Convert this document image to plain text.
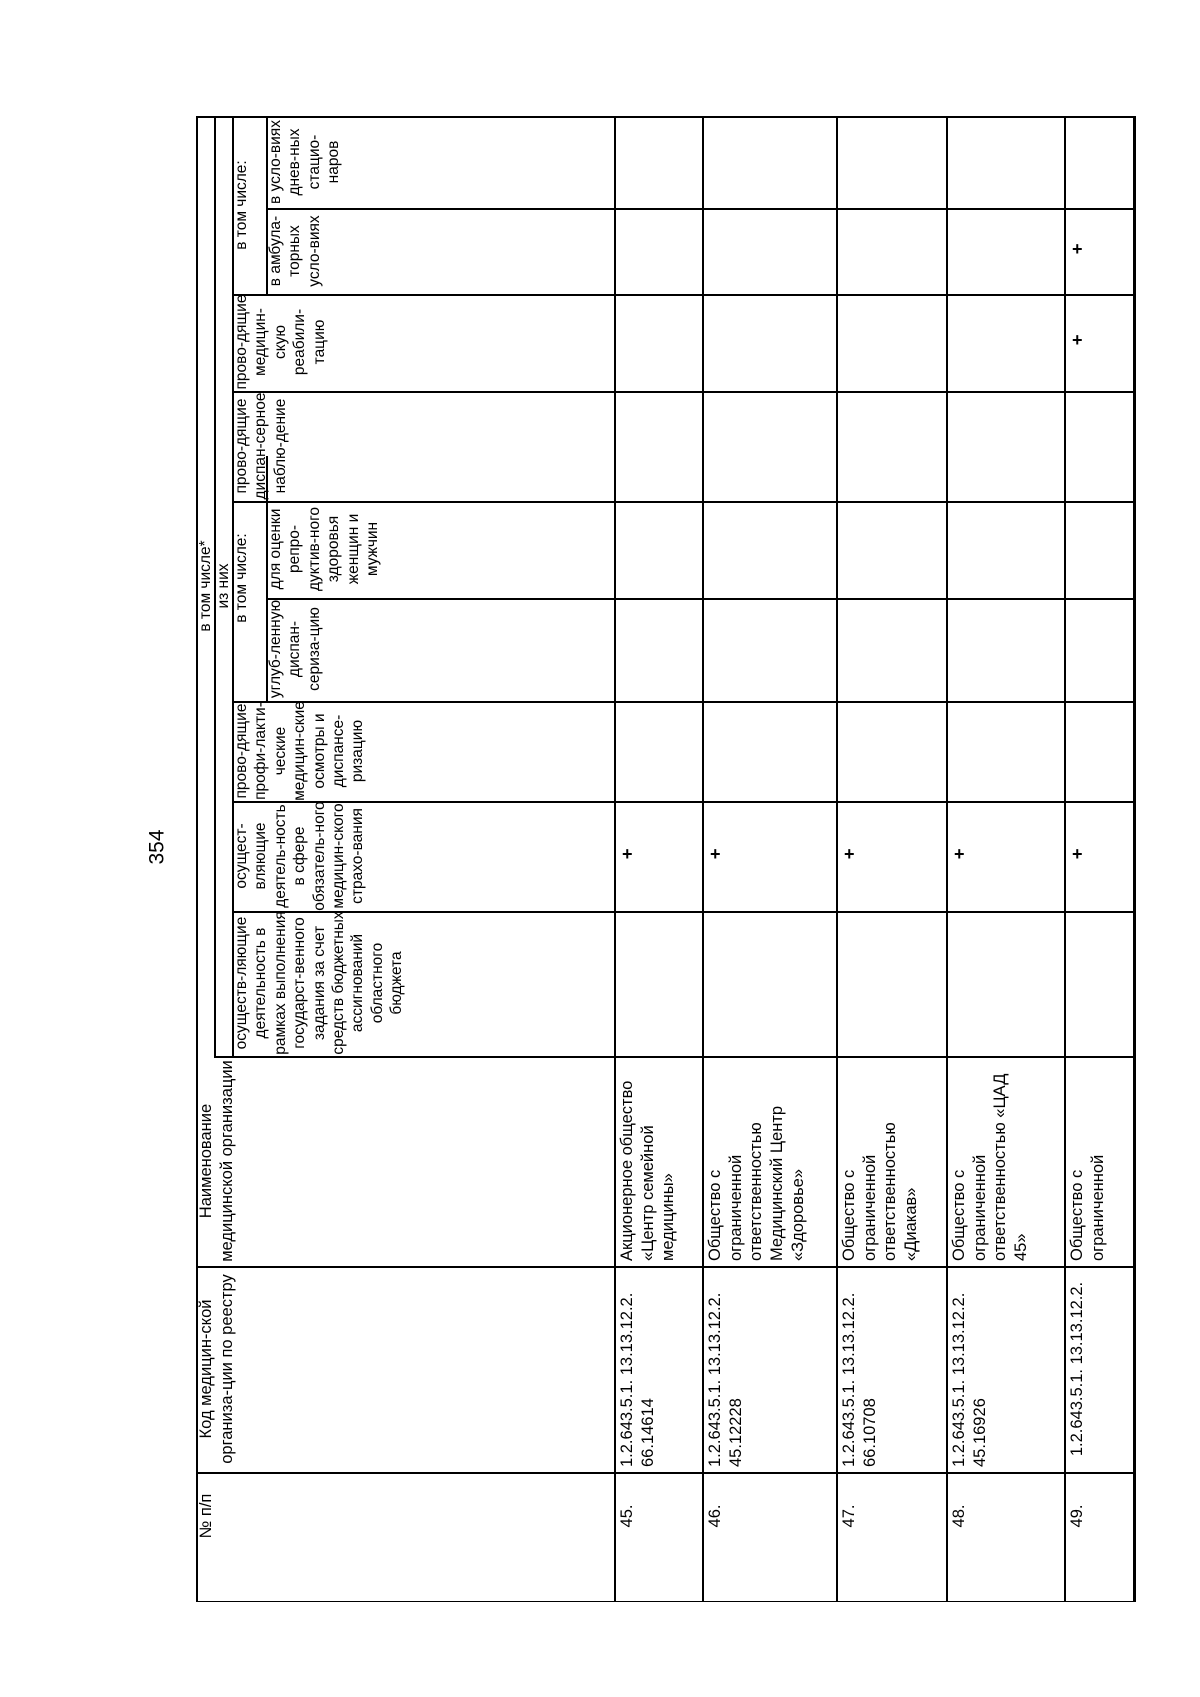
354
№ п/п
Код медицин-ской организа-ции по реестру
Наименование медицинской организации
в том числе* из них
осуществ-ляющие деятельность в рамках выполнения государст-венного задания за счет средств бюджетных ассигнований областного бюджета
осущест-вляющие деятель-ность в сфере обязатель-ного медицин-ского страхо-вания
прово-дящие профи-лакти-ческие медицин-ские осмотры и диспансе-ризацию
в том числе:
углуб-ленную диспан-сериза-цию
для оценки репро-дуктив-ного здоровья женщин и мужчин
прово-дящие диспан-серное наблю-дение
прово-дящие медицин-скую реабили-тацию
в том числе:
в амбула-торных усло-виях
в усло-виях днев-ных стацио-наров
45.
1.2.643.5.1. 13.13.12.2. 66.14614
Акционерное общество «Центр семейной медицины»
+
46.
1.2.643.5.1. 13.13.12.2. 45.12228
Общество с ограниченной ответственностью Медицинский Центр «Здоровье»
+
47.
1.2.643.5.1. 13.13.12.2. 66.10708
Общество с ограниченной ответственностью «Диакав»
+
48.
1.2.643.5.1. 13.13.12.2. 45.16926
Общество с ограниченной ответственностью «ЦАД 45»
+
49.
1.2.643.5.1. 13.13.12.2.
Общество с ограниченной
+
+
+
